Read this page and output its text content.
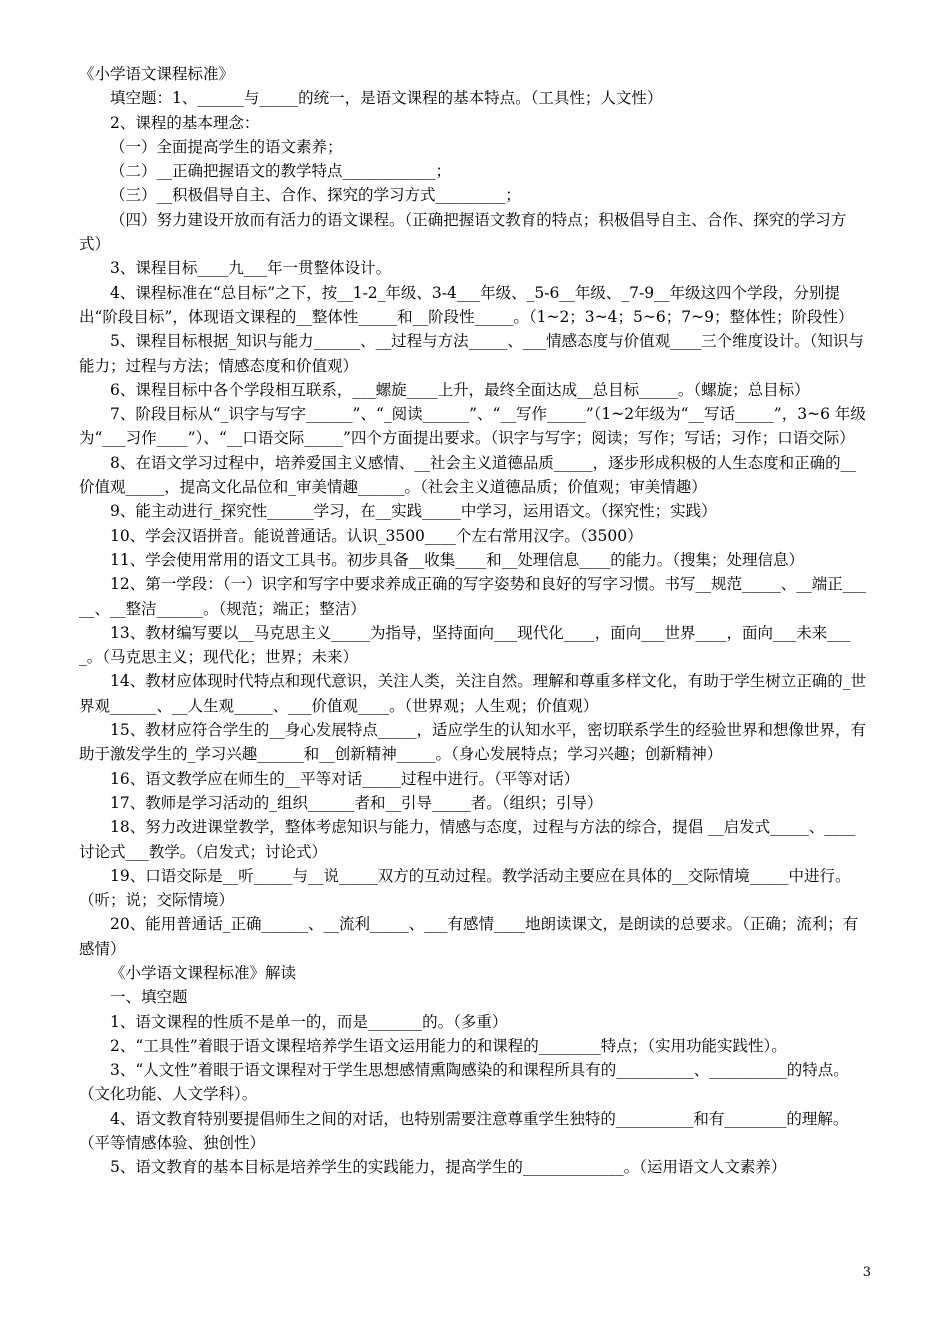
《小学语文课程标准》

填空题：1、______与_____的统一，是语文课程的基本特点。（工具性；人文性）

2、课程的基本理念：

（一）全面提高学生的语文素养；

（二）__正确把握语文的教学特点____________；

（三）__积极倡导自主、合作、探究的学习方式_________；

（四）努力建设开放而有活力的语文课程。（正确把握语文教育的特点；积极倡导自主、合作、探究的学习方式）

3、课程目标____九___年一贯整体设计。

4、课程标准在“总目标”之下，按__1-2_年级、3-4___年级、_5-6__年级、_7-9__年级这四个学段，分别提出“阶段目标”，体现语文课程的__整体性_____和__阶段性_____。（1~2；3~4；5~6；7~9；整体性；阶段性）

5、课程目标根据_知识与能力______、__过程与方法_____、___情感态度与价值观____三个维度设计。（知识与能力；过程与方法；情感态度和价值观）

6、课程目标中各个学段相互联系，___螺旋____上升，最终全面达成__总目标_____。（螺旋；总目标）

7、阶段目标从“_识字与写字______”、“_阅读______”、“__写作_____”（1~2年级为“__写话_____”，3~6 年级为“___习作____”）、“__口语交际_____”四个方面提出要求。（识字与写字；阅读；写作；写话；习作；口语交际）

8、在语文学习过程中，培养爱国主义感情、__社会主义道德品质_____，逐步形成积极的人生态度和正确的__价值观_____，提高文化品位和_审美情趣______。（社会主义道德品质；价值观；审美情趣）

9、能主动进行_探究性______学习，在__实践_____中学习，运用语文。（探究性；实践）

10、学会汉语拼音。能说普通话。认识_3500____个左右常用汉字。（3500）

11、学会使用常用的语文工具书。初步具备__收集____和__处理信息____的能力。（搜集；处理信息）

12、第一学段：（一）识字和写字中要求养成正确的写字姿势和良好的写字习惯。书写__规范_____、__端正_____、__整洁______。（规范；端正；整洁）

13、教材编写要以__马克思主义_____为指导，坚持面向___现代化____，面向___世界____，面向___未来____。（马克思主义；现代化；世界；未来）

14、教材应体现时代特点和现代意识，关注人类，关注自然。理解和尊重多样文化，有助于学生树立正确的_世界观______、__人生观_____、___价值观____。（世界观；人生观；价值观）

15、教材应符合学生的__身心发展特点_____，适应学生的认知水平，密切联系学生的经验世界和想像世界，有助于激发学生的_学习兴趣______和__创新精神_____。（身心发展特点；学习兴趣；创新精神）

16、语文教学应在师生的__平等对话_____过程中进行。（平等对话）

17、教师是学习活动的_组织______者和__引导_____者。（组织；引导）

18、努力改进课堂教学，整体考虑知识与能力，情感与态度，过程与方法的综合，提倡 __启发式_____、____讨论式___教学。（启发式；讨论式）

19、口语交际是__听_____与__说_____双方的互动过程。教学活动主要应在具体的__交际情境_____中进行。（听；说；交际情境）

20、能用普通话_正确______、__流利_____、___有感情____地朗读课文，是朗读的总要求。（正确；流利；有感情）

《小学语文课程标准》解读

一、填空题

1、语文课程的性质不是单一的，而是_______的。（多重）

2、“工具性”着眼于语文课程培养学生语文运用能力的和课程的________特点；（实用功能实践性）。

3、“人文性”着眼于语文课程对于学生思想感情熏陶感染的和课程所具有的__________、__________的特点。（文化功能、人文学科）。

4、语文教育特别要提倡师生之间的对话，也特别需要注意尊重学生独特的__________和有________的理解。（平等情感体验、独创性）

5、语文教育的基本目标是培养学生的实践能力，提高学生的_____________。（运用语文人文素养）

3
